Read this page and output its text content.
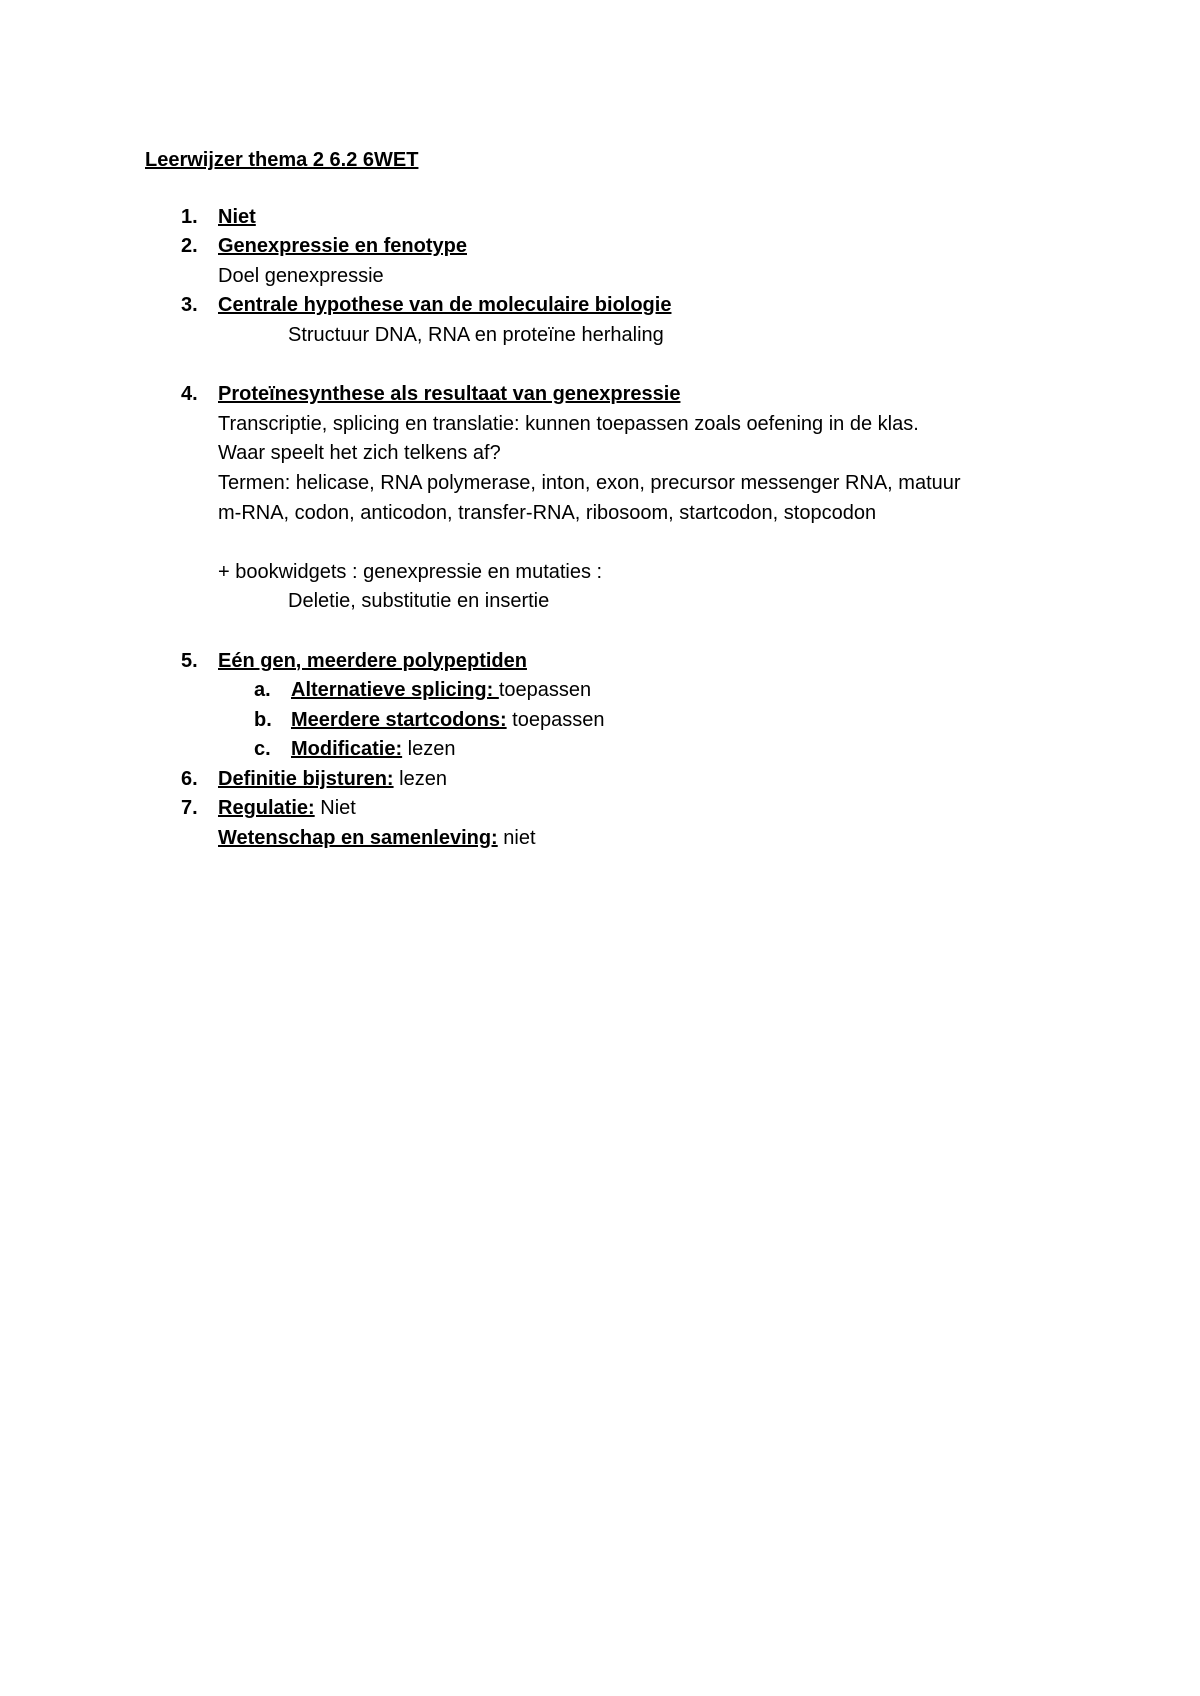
Leerwijzer thema 2 6.2 6WET
1. Niet
2. Genexpressie en fenotype
Doel genexpressie
3. Centrale hypothese van de moleculaire biologie
Structuur DNA, RNA en proteïne herhaling
4. Proteïnesynthese als resultaat van genexpressie
Transcriptie, splicing en translatie: kunnen toepassen zoals oefening in de klas.
Waar speelt het zich telkens af?
Termen: helicase, RNA polymerase, inton, exon, precursor messenger RNA, matuur
m-RNA, codon, anticodon, transfer-RNA, ribosoom, startcodon, stopcodon
+ bookwidgets : genexpressie en mutaties :
Deletie, substitutie en insertie
5. Eén gen, meerdere polypeptiden
a. Alternatieve splicing: toepassen
b. Meerdere startcodons: toepassen
c. Modificatie: lezen
6. Definitie bijsturen: lezen
7. Regulatie: Niet
Wetenschap en samenleving: niet
